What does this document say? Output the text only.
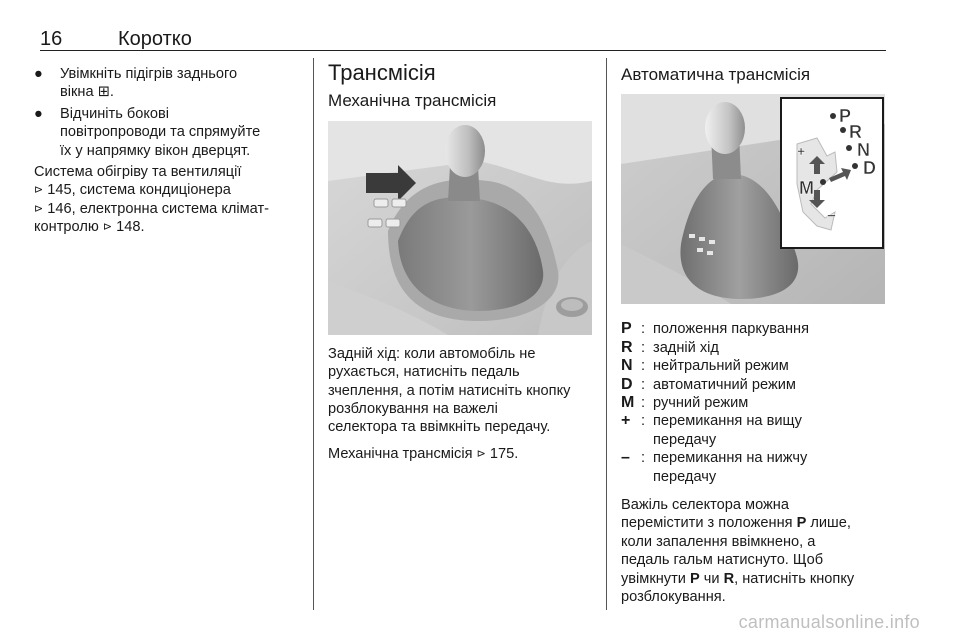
16	Коротко
● Увімкніть підігрів заднього

вікна ⊞.

● Відчиніть бокові

повітропроводи та спрямуйте

їх у напрямку вікон дверцят.

Система обігріву та вентиляції

⊳ 145, система кондиціонера

⊳ 146, електронна система клімат-

контролю ⊳ 148.

Трансмісія
Механічна трансмісія

Задній хід: коли автомобіль не

рухається, натисніть педаль

зчеплення, а потім натисніть кнопку

розблокування на важелі

селектора та ввімкніть передачу.

Механічна трансмісія ⊳ 175.

Автоматична трансмісія
P
R
N
D
M
+
–
P : положення паркування
R : задній хід
N : нейтральний режим
D : автоматичний режим
M : ручний режим
+ : перемикання на вищу
передачу
– : перемикання на нижчу
передачу

Важіль селектора можна

перемістити з положення P лише,

коли запалення ввімкнено, а

педаль гальм натиснуто. Щоб

увімкнути P чи R, натисніть кнопку

розблокування.

carmanualsonline.info
